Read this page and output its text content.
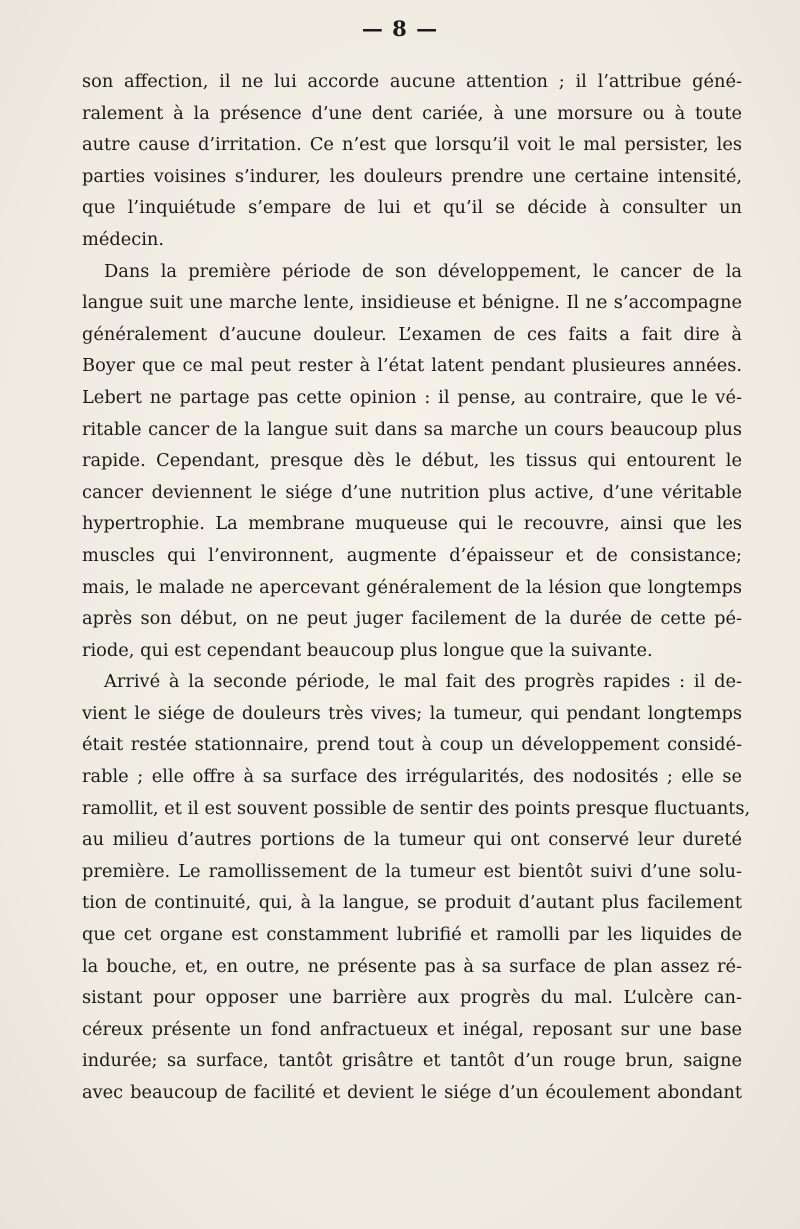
— 8 —
son affection, il ne lui accorde aucune attention ; il l’attribue géné-
ralement à la présence d’une dent cariée, à une morsure ou à toute
autre cause d’irritation. Ce n’est que lorsqu’il voit le mal persister, les
parties voisines s’indurer, les douleurs prendre une certaine intensité,
que l’inquiétude s’empare de lui et qu’il se décide à consulter un
médecin.
Dans la première période de son développement, le cancer de la
langue suit une marche lente, insidieuse et bénigne. Il ne s’accompagne
généralement d’aucune douleur. L’examen de ces faits a fait dire à
Boyer que ce mal peut rester à l’état latent pendant plusieures années.
Lebert ne partage pas cette opinion : il pense, au contraire, que le vé-
ritable cancer de la langue suit dans sa marche un cours beaucoup plus
rapide. Cependant, presque dès le début, les tissus qui entourent le
cancer deviennent le siége d’une nutrition plus active, d’une véritable
hypertrophie. La membrane muqueuse qui le recouvre, ainsi que les
muscles qui l’environnent, augmente d’épaisseur et de consistance;
mais, le malade ne apercevant généralement de la lésion que longtemps
après son début, on ne peut juger facilement de la durée de cette pé-
riode, qui est cependant beaucoup plus longue que la suivante.
Arrivé à la seconde période, le mal fait des progrès rapides : il de-
vient le siége de douleurs très vives; la tumeur, qui pendant longtemps
était restée stationnaire, prend tout à coup un développement considé-
rable ; elle offre à sa surface des irrégularités, des nodosités ; elle se
ramollit, et il est souvent possible de sentir des points presque fluctuants,
au milieu d’autres portions de la tumeur qui ont conservé leur dureté
première. Le ramollissement de la tumeur est bientôt suivi d’une solu-
tion de continuité, qui, à la langue, se produit d’autant plus facilement
que cet organe est constamment lubrifié et ramolli par les liquides de
la bouche, et, en outre, ne présente pas à sa surface de plan assez ré-
sistant pour opposer une barrière aux progrès du mal. L’ulcère can-
céreux présente un fond anfractueux et inégal, reposant sur une base
indurée; sa surface, tantôt grisâtre et tantôt d’un rouge brun, saigne
avec beaucoup de facilité et devient le siége d’un écoulement abondant
